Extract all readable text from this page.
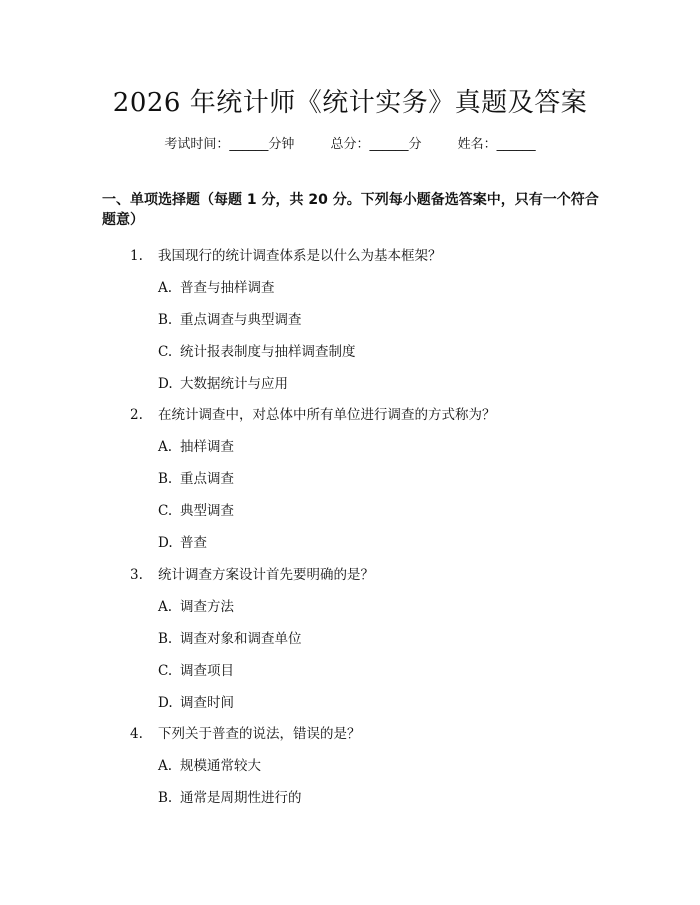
2026 年统计师《统计实务》真题及答案
考试时间：______分钟	总分：______分	姓名：______
一、单项选择题（每题 1 分，共 20 分。下列每小题备选答案中，只有一个符合题意）
1. 我国现行的统计调查体系是以什么为基本框架？
A. 普查与抽样调查
B. 重点调查与典型调查
C. 统计报表制度与抽样调查制度
D. 大数据统计与应用
2. 在统计调查中，对总体中所有单位进行调查的方式称为？
A. 抽样调查
B. 重点调查
C. 典型调查
D. 普查
3. 统计调查方案设计首先要明确的是？
A. 调查方法
B. 调查对象和调查单位
C. 调查项目
D. 调查时间
4. 下列关于普查的说法，错误的是？
A. 规模通常较大
B. 通常是周期性进行的
